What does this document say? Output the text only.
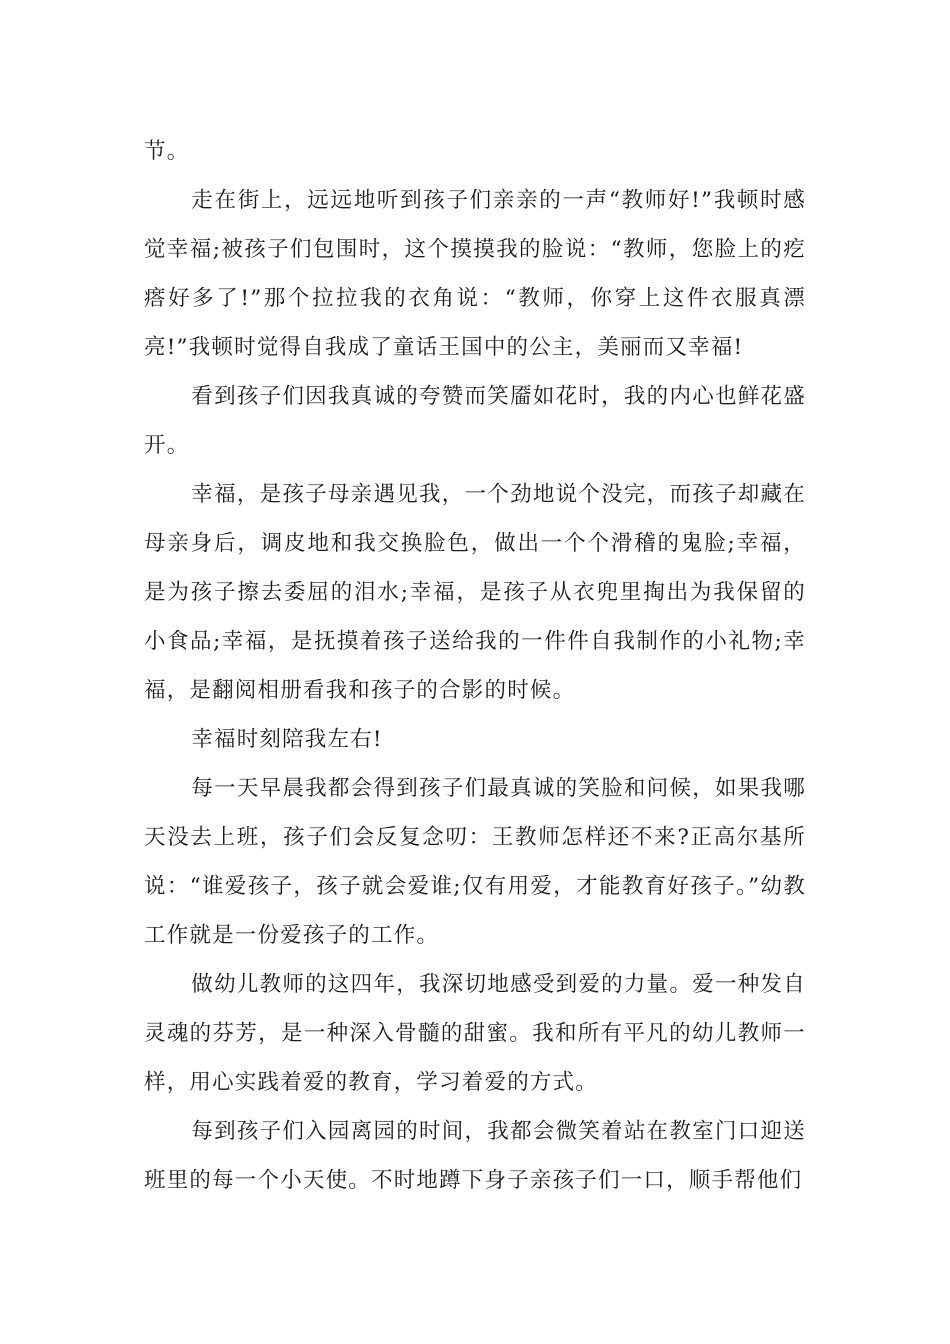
节。

走在街上，远远地听到孩子们亲亲的一声“教师好!”我顿时感觉幸福;被孩子们包围时，这个摸摸我的脸说：“教师，您脸上的疙瘩好多了!”那个拉拉我的衣角说：“教师，你穿上这件衣服真漂亮!”我顿时觉得自我成了童话王国中的公主，美丽而又幸福!

看到孩子们因我真诚的夸赞而笑靥如花时，我的内心也鲜花盛开。

幸福，是孩子母亲遇见我，一个劲地说个没完，而孩子却藏在母亲身后，调皮地和我交换脸色，做出一个个滑稽的鬼脸;幸福，是为孩子擦去委屈的泪水;幸福，是孩子从衣兜里掏出为我保留的小食品;幸福，是抚摸着孩子送给我的一件件自我制作的小礼物;幸福，是翻阅相册看我和孩子的合影的时候。

幸福时刻陪我左右!

每一天早晨我都会得到孩子们最真诚的笑脸和问候，如果我哪天没去上班，孩子们会反复念叨：王教师怎样还不来?正高尔基所说：“谁爱孩子，孩子就会爱谁;仅有用爱，才能教育好孩子。”幼教工作就是一份爱孩子的工作。

做幼儿教师的这四年，我深切地感受到爱的力量。爱一种发自灵魂的芬芳，是一种深入骨髓的甜蜜。我和所有平凡的幼儿教师一样，用心实践着爱的教育，学习着爱的方式。

每到孩子们入园离园的时间，我都会微笑着站在教室门口迎送班里的每一个小天使。不时地蹲下身子亲孩子们一口，顺手帮他们
